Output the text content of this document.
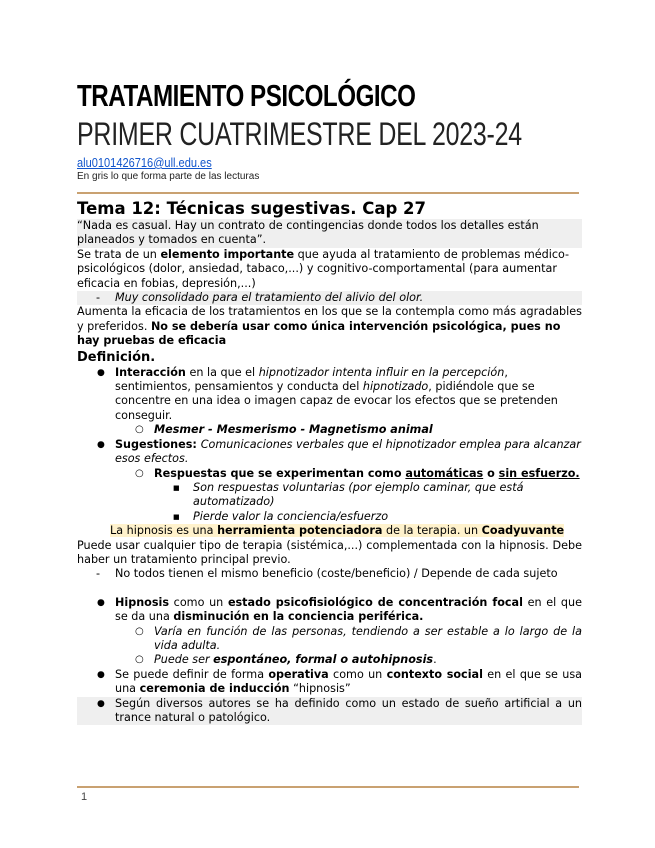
TRATAMIENTO PSICOLÓGICO
PRIMER CUATRIMESTRE DEL 2023-24
alu0101426716@ull.edu.es
En gris lo que forma parte de las lecturas

Tema 12: Técnicas sugestivas. Cap 27

“Nada es casual. Hay un contrato de contingencias donde todos los detalles están planeados y tomados en cuenta”.

Se trata de un elemento importante que ayuda al tratamiento de problemas médico-psicológicos (dolor, ansiedad, tabaco,...) y cognitivo-comportamental (para aumentar eficacia en fobias, depresión,...)

- Muy consolidado para el tratamiento del alivio del olor.

Aumenta la eficacia de los tratamientos en los que se la contempla como más agradables y preferidos. No se debería usar como única intervención psicológica, pues no hay pruebas de eficacia

Definición.

● Interacción en la que el hipnotizador intenta influir en la percepción, sentimientos, pensamientos y conducta del hipnotizado, pidiéndole que se concentre en una idea o imagen capaz de evocar los efectos que se pretenden conseguir.
○ Mesmer - Mesmerismo - Magnetismo animal
● Sugestiones: Comunicaciones verbales que el hipnotizador emplea para alcanzar esos efectos.
○ Respuestas que se experimentan como automáticas o sin esfuerzo.
■ Son respuestas voluntarias (por ejemplo caminar, que está automatizado)
■ Pierde valor la conciencia/esfuerzo

La hipnosis es una herramienta potenciadora de la terapia. un Coadyuvante

Puede usar cualquier tipo de terapia (sistémica,...) complementada con la hipnosis. Debe haber un tratamiento principal previo.

- No todos tienen el mismo beneficio (coste/beneficio) / Depende de cada sujeto
● Hipnosis como un estado psicofisiológico de concentración focal en el que se da una disminución en la conciencia periférica.
○ Varía en función de las personas, tendiendo a ser estable a lo largo de la vida adulta.
○ Puede ser espontáneo, formal o autohipnosis.
● Se puede definir de forma operativa como un contexto social en el que se usa una ceremonia de inducción “hipnosis”
● Según diversos autores se ha definido como un estado de sueño artificial a un trance natural o patológico.
1
